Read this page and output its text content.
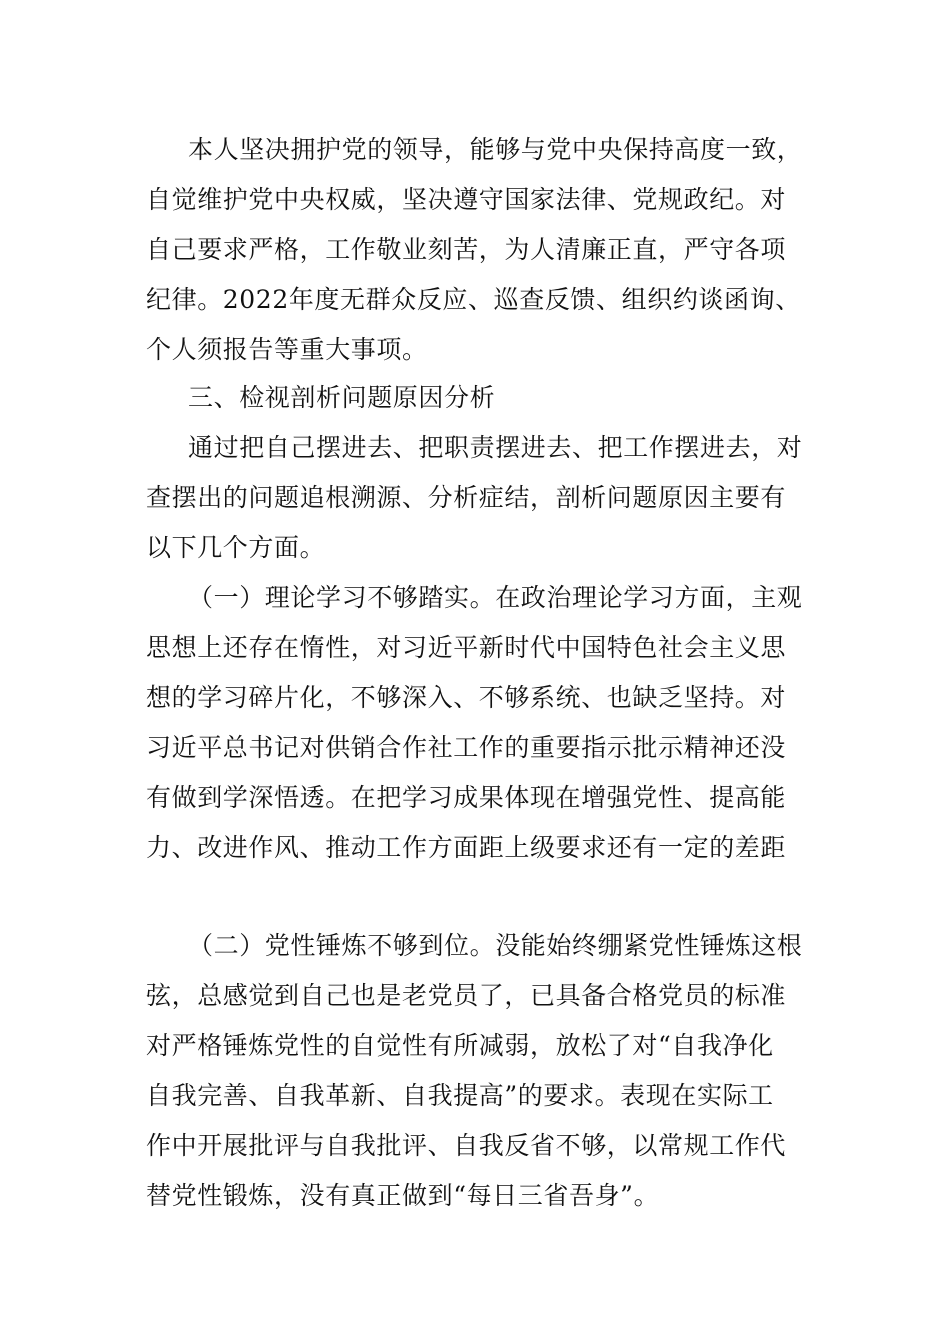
本人坚决拥护党的领导，能够与党中央保持高度一致，
自觉维护党中央权威，坚决遵守国家法律、党规政纪。对
自己要求严格，工作敬业刻苦，为人清廉正直，严守各项
纪律。2022年度无群众反应、巡查反馈、组织约谈函询、
个人须报告等重大事项。
三、检视剖析问题原因分析
通过把自己摆进去、把职责摆进去、把工作摆进去，对
查摆出的问题追根溯源、分析症结，剖析问题原因主要有
以下几个方面。
（一）理论学习不够踏实。在政治理论学习方面，主观
思想上还存在惰性，对习近平新时代中国特色社会主义思
想的学习碎片化，不够深入、不够系统、也缺乏坚持。对
习近平总书记对供销合作社工作的重要指示批示精神还没
有做到学深悟透。在把学习成果体现在增强党性、提高能
力、改进作风、推动工作方面距上级要求还有一定的差距
（二）党性锤炼不够到位。没能始终绷紧党性锤炼这根
弦，总感觉到自己也是老党员了，已具备合格党员的标准
对严格锤炼党性的自觉性有所减弱，放松了对“自我净化
自我完善、自我革新、自我提高”的要求。表现在实际工
作中开展批评与自我批评、自我反省不够，以常规工作代
替党性锻炼，没有真正做到“每日三省吾身”。
